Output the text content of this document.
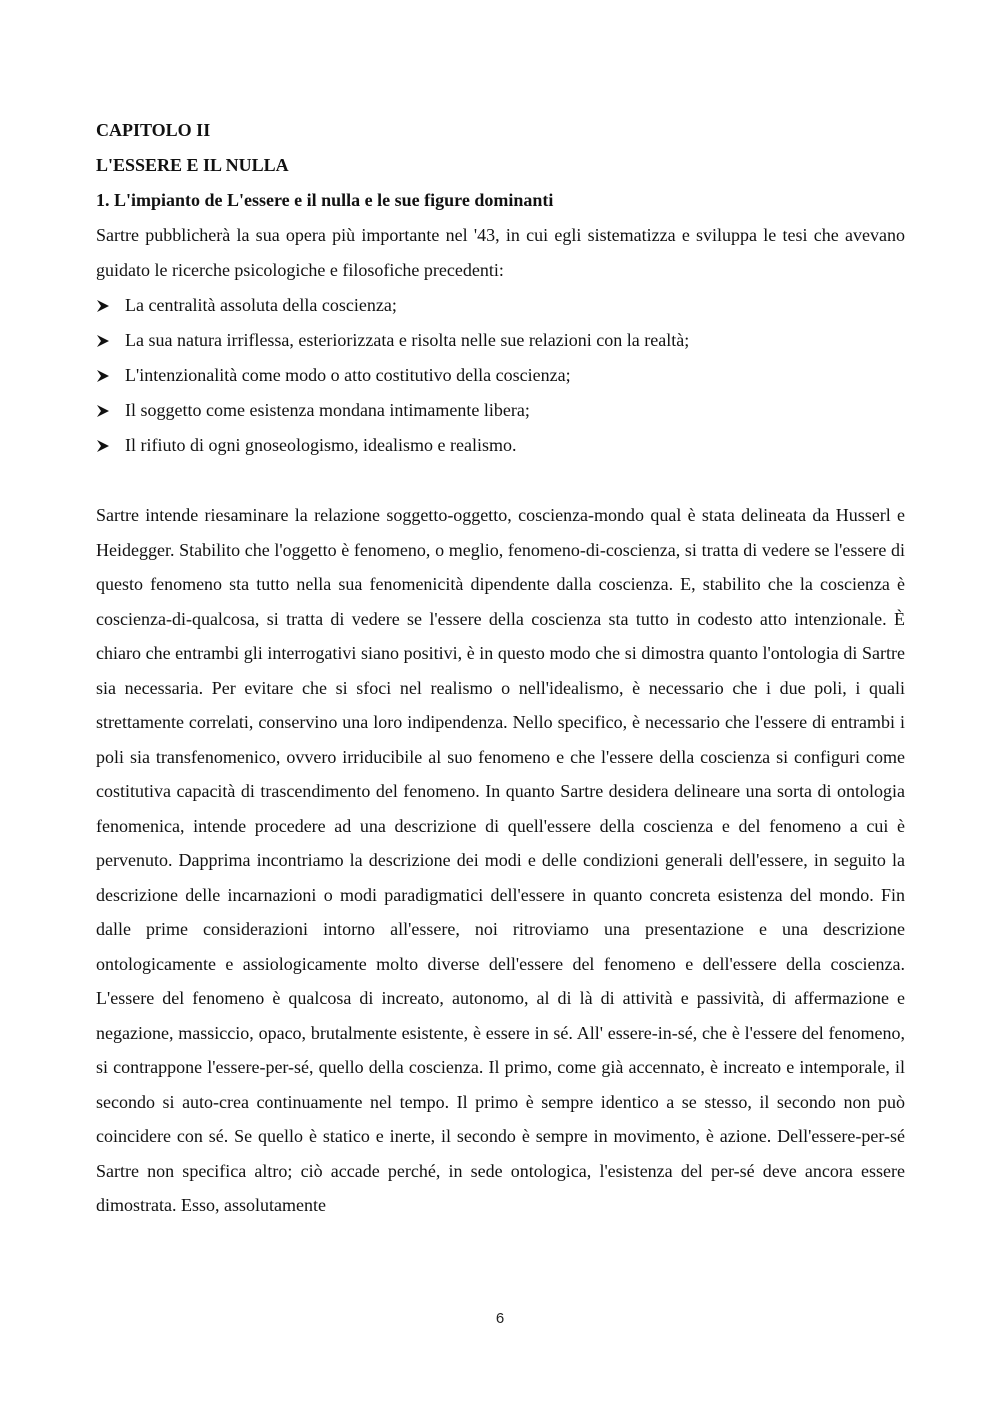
CAPITOLO II

L'ESSERE E IL NULLA

1. L'impianto de L'essere e il nulla e le sue figure dominanti

Sartre pubblicherà la sua opera più importante nel '43, in cui egli sistematizza e sviluppa le tesi che avevano guidato le ricerche psicologiche e filosofiche precedenti:

La centralità assoluta della coscienza;
La sua natura irriflessa, esteriorizzata e risolta nelle sue relazioni con la realtà;
L'intenzionalità come modo o atto costitutivo della coscienza;
Il soggetto come esistenza mondana intimamente libera;
Il rifiuto di ogni gnoseologismo, idealismo e realismo.

Sartre intende riesaminare la relazione soggetto-oggetto, coscienza-mondo qual è stata delineata da Husserl e Heidegger. Stabilito che l'oggetto è fenomeno, o meglio, fenomeno-di-coscienza, si tratta di vedere se l'essere di questo fenomeno sta tutto nella sua fenomenicità dipendente dalla coscienza. E, stabilito che la coscienza è coscienza-di-qualcosa, si tratta di vedere se l'essere della coscienza sta tutto in codesto atto intenzionale. È chiaro che entrambi gli interrogativi siano positivi, è in questo modo che si dimostra quanto l'ontologia di Sartre sia necessaria. Per evitare che si sfoci nel realismo o nell'idealismo, è necessario che i due poli, i quali strettamente correlati, conservino una loro indipendenza. Nello specifico, è necessario che l'essere di entrambi i poli sia transfenomenico, ovvero irriducibile al suo fenomeno e che l'essere della coscienza si configuri come costitutiva capacità di trascendimento del fenomeno. In quanto Sartre desidera delineare una sorta di ontologia fenomenica, intende procedere ad una descrizione di quell'essere della coscienza e del fenomeno a cui è pervenuto. Dapprima incontriamo la descrizione dei modi e delle condizioni generali dell'essere, in seguito la descrizione delle incarnazioni o modi paradigmatici dell'essere in quanto concreta esistenza del mondo. Fin dalle prime considerazioni intorno all'essere, noi ritroviamo una presentazione e una descrizione ontologicamente e assiologicamente molto diverse dell'essere del fenomeno e dell'essere della coscienza. L'essere del fenomeno è qualcosa di increato, autonomo, al di là di attività e passività, di affermazione e negazione, massiccio, opaco, brutalmente esistente, è essere in sé. All' essere-in-sé, che è l'essere del fenomeno, si contrappone l'essere-per-sé, quello della coscienza. Il primo, come già accennato, è increato e intemporale, il secondo si auto-crea continuamente nel tempo. Il primo è sempre identico a se stesso, il secondo non può coincidere con sé. Se quello è statico e inerte, il secondo è sempre in movimento, è azione. Dell'essere-per-sé Sartre non specifica altro; ciò accade perché, in sede ontologica, l'esistenza del per-sé deve ancora essere dimostrata. Esso, assolutamente

6
